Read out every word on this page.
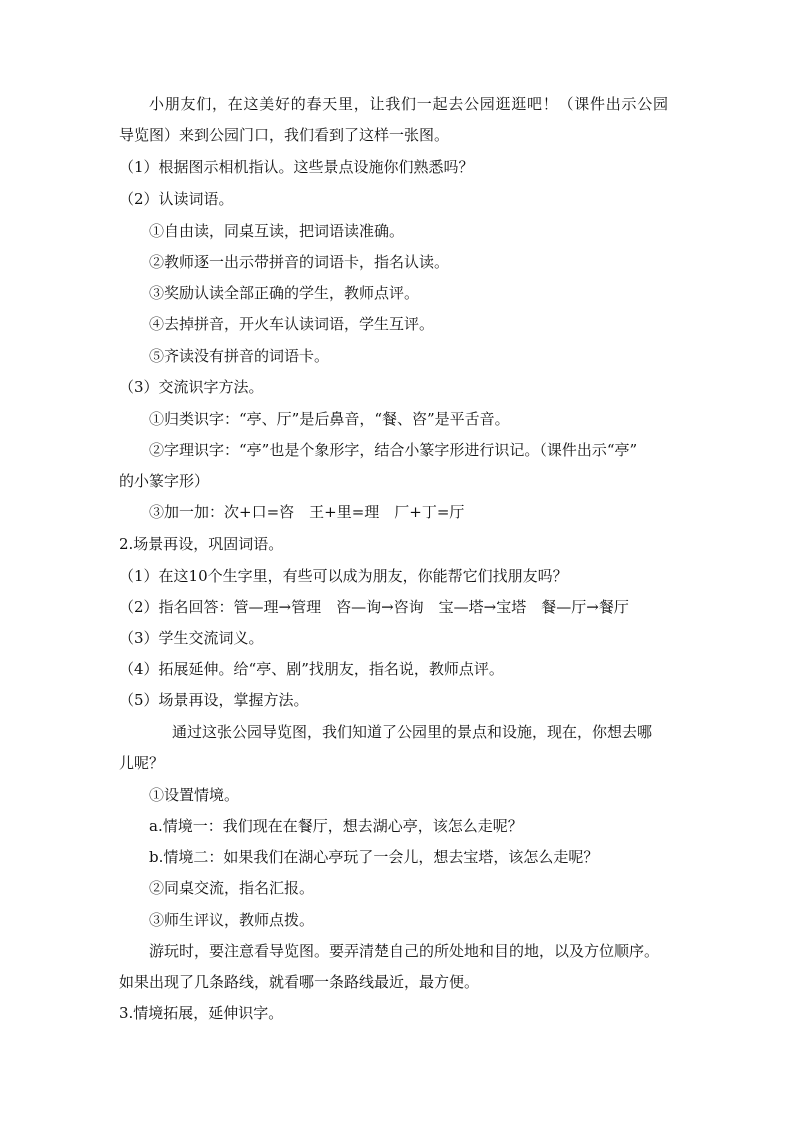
小朋友们，在这美好的春天里，让我们一起去公园逛逛吧！（课件出示公园
导览图）来到公园门口，我们看到了这样一张图。
（1）根据图示相机指认。这些景点设施你们熟悉吗？
（2）认读词语。
①自由读，同桌互读，把词语读准确。
②教师逐一出示带拼音的词语卡，指名认读。
③奖励认读全部正确的学生，教师点评。
④去掉拼音，开火车认读词语，学生互评。
⑤齐读没有拼音的词语卡。
（3）交流识字方法。
①归类识字：“亭、厅”是后鼻音，“餐、咨”是平舌音。
②字理识字：“亭”也是个象形字，结合小篆字形进行识记。（课件出示“亭”
的小篆字形）
③加一加：次+口=咨　王+里=理　厂+丁=厅
2.场景再设，巩固词语。
（1）在这10个生字里，有些可以成为朋友，你能帮它们找朋友吗？
（2）指名回答：管—理→管理　咨—询→咨询　宝—塔→宝塔　餐—厅→餐厅
（3）学生交流词义。
（4）拓展延伸。给“亭、剧”找朋友，指名说，教师点评。
（5）场景再设，掌握方法。
通过这张公园导览图，我们知道了公园里的景点和设施，现在，你想去哪
儿呢？
①设置情境。
a.情境一：我们现在在餐厅，想去湖心亭，该怎么走呢？
b.情境二：如果我们在湖心亭玩了一会儿，想去宝塔，该怎么走呢？
②同桌交流，指名汇报。
③师生评议，教师点拨。
游玩时，要注意看导览图。要弄清楚自己的所处地和目的地，以及方位顺序。
如果出现了几条路线，就看哪一条路线最近，最方便。
3.情境拓展，延伸识字。
